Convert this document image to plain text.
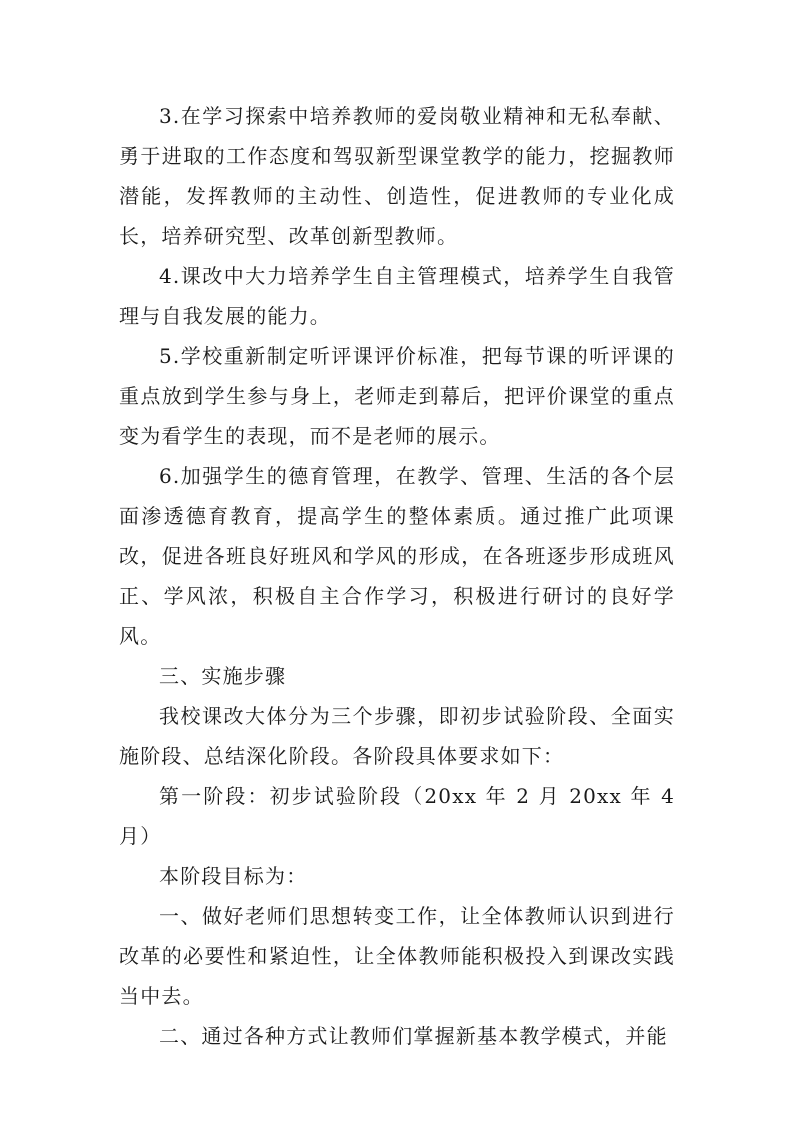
3.在学习探索中培养教师的爱岗敬业精神和无私奉献、勇于进取的工作态度和驾驭新型课堂教学的能力，挖掘教师潜能，发挥教师的主动性、创造性，促进教师的专业化成长，培养研究型、改革创新型教师。

4.课改中大力培养学生自主管理模式，培养学生自我管理与自我发展的能力。

5.学校重新制定听评课评价标准，把每节课的听评课的重点放到学生参与身上，老师走到幕后，把评价课堂的重点变为看学生的表现，而不是老师的展示。

6.加强学生的德育管理，在教学、管理、生活的各个层面渗透德育教育，提高学生的整体素质。通过推广此项课改，促进各班良好班风和学风的形成，在各班逐步形成班风正、学风浓，积极自主合作学习，积极进行研讨的良好学风。

三、实施步骤

我校课改大体分为三个步骤，即初步试验阶段、全面实施阶段、总结深化阶段。各阶段具体要求如下：

第一阶段：初步试验阶段（20xx 年 2 月 20xx 年 4 月）

本阶段目标为：

一、做好老师们思想转变工作，让全体教师认识到进行改革的必要性和紧迫性，让全体教师能积极投入到课改实践当中去。

二、通过各种方式让教师们掌握新基本教学模式，并能
